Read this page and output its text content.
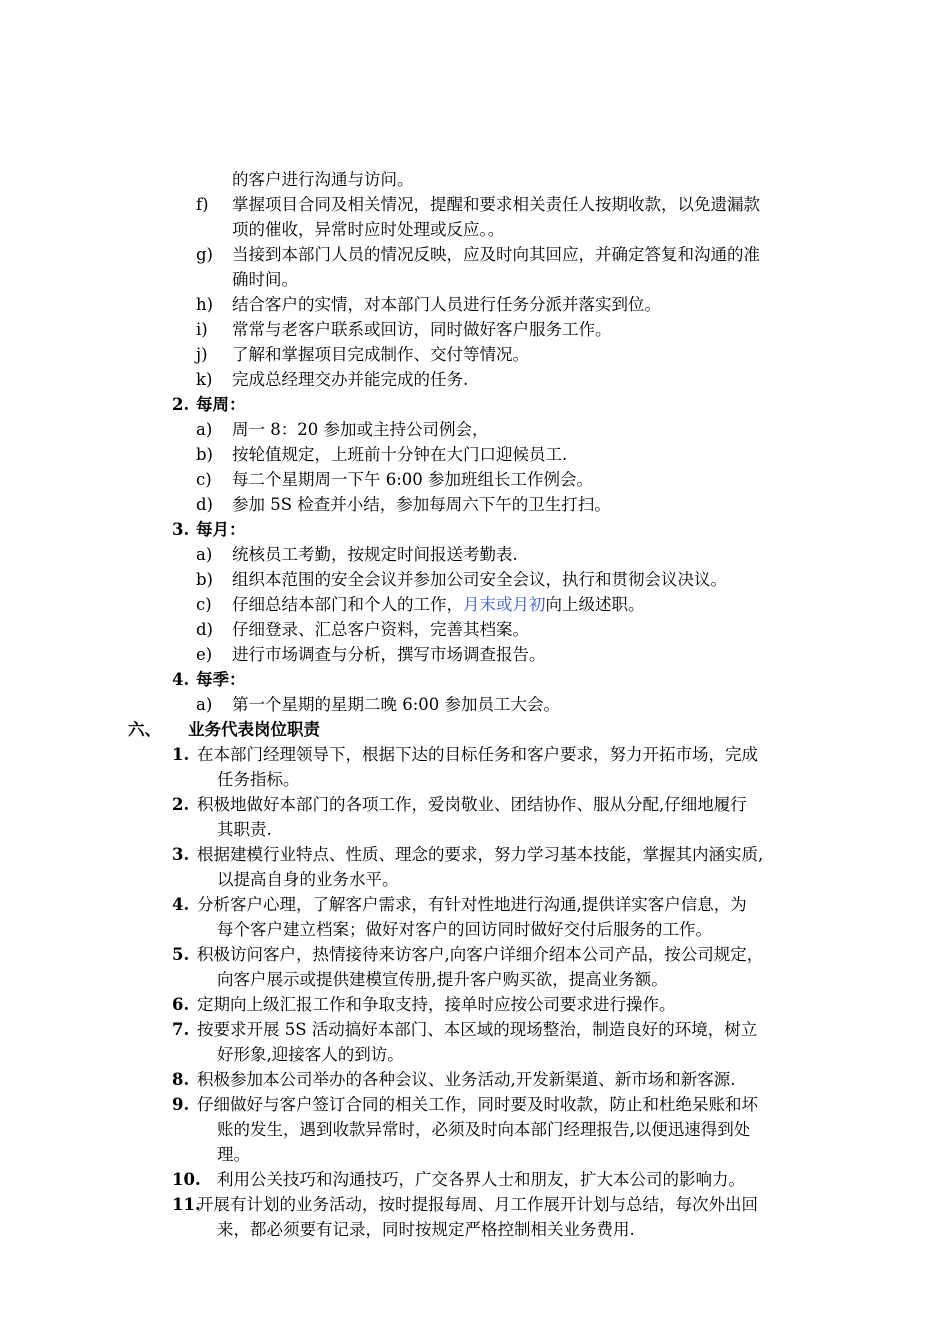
的客户进行沟通与访问。
f) 掌握项目合同及相关情况，提醒和要求相关责任人按期收款，以免遗漏款
项的催收，异常时应时处理或反应。。
g) 当接到本部门人员的情况反映，应及时向其回应，并确定答复和沟通的准
确时间。
h) 结合客户的实情，对本部门人员进行任务分派并落实到位。
i) 常常与老客户联系或回访，同时做好客户服务工作。
j) 了解和掌握项目完成制作、交付等情况。
k) 完成总经理交办并能完成的任务.
2. 每周：
a) 周一 8：20 参加或主持公司例会，
b) 按轮值规定，上班前十分钟在大门口迎候员工.
c) 每二个星期周一下午 6:00 参加班组长工作例会。
d) 参加 5S 检查并小结，参加每周六下午的卫生打扫。
3. 每月：
a) 统核员工考勤，按规定时间报送考勤表.
b) 组织本范围的安全会议并参加公司安全会议，执行和贯彻会议决议。
c) 仔细总结本部门和个人的工作，月末或月初向上级述职。
d) 仔细登录、汇总客户资料，完善其档案。
e) 进行市场调查与分析，撰写市场调查报告。
4. 每季：
a) 第一个星期的星期二晚 6:00 参加员工大会。
六、 业务代表岗位职责
1. 在本部门经理领导下，根据下达的目标任务和客户要求，努力开拓市场，完成
任务指标。
2. 积极地做好本部门的各项工作，爱岗敬业、团结协作、服从分配,仔细地履行
其职责.
3. 根据建模行业特点、性质、理念的要求，努力学习基本技能，掌握其内涵实质,
以提高自身的业务水平。
4. 分析客户心理，了解客户需求，有针对性地进行沟通,提供详实客户信息，为
每个客户建立档案；做好对客户的回访同时做好交付后服务的工作。
5. 积极访问客户，热情接待来访客户,向客户详细介绍本公司产品，按公司规定，
向客户展示或提供建模宣传册,提升客户购买欲，提高业务额。
6. 定期向上级汇报工作和争取支持，接单时应按公司要求进行操作。
7. 按要求开展 5S 活动搞好本部门、本区域的现场整治，制造良好的环境，树立
好形象,迎接客人的到访。
8. 积极参加本公司举办的各种会议、业务活动,开发新渠道、新市场和新客源.
9. 仔细做好与客户签订合同的相关工作，同时要及时收款，防止和杜绝呆账和坏
账的发生，遇到收款异常时，必须及时向本部门经理报告,以便迅速得到处
理。
10. 利用公关技巧和沟通技巧，广交各界人士和朋友，扩大本公司的影响力。
11.
开展有计划的业务活动，按时提报每周、月工作展开计划与总结，每次外出回
来，都必须要有记录，同时按规定严格控制相关业务费用.
